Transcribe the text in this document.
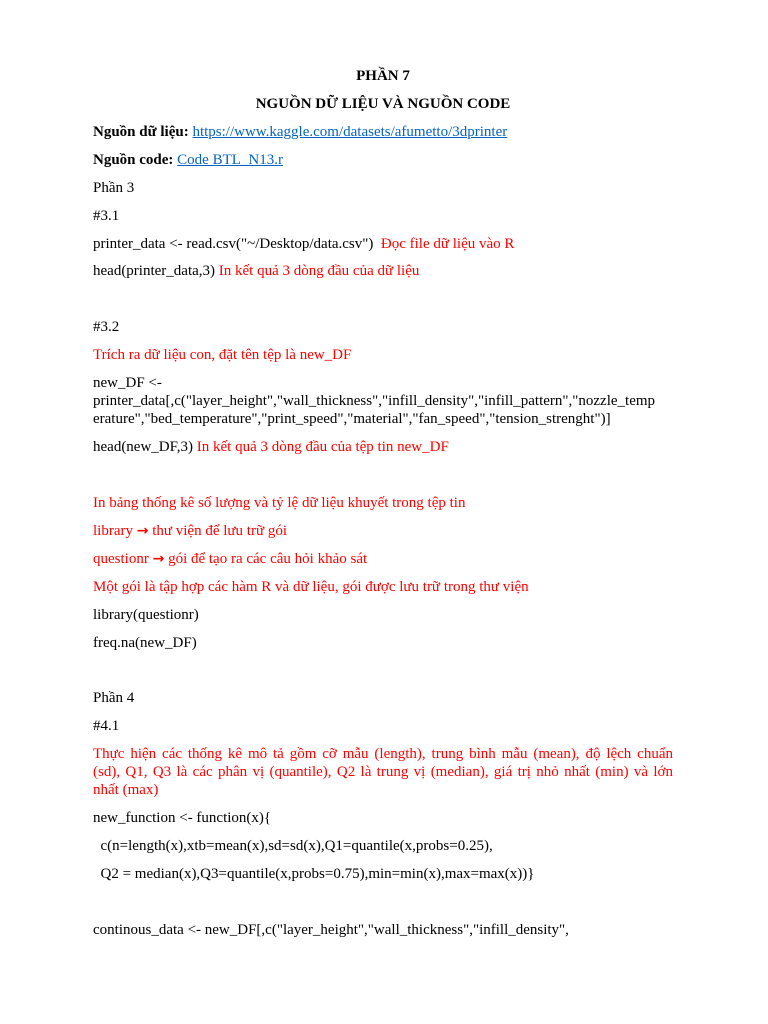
PHẦN 7

NGUỒN DỮ LIỆU VÀ NGUỒN CODE

Nguồn dữ liệu: https://www.kaggle.com/datasets/afumetto/3dprinter

Nguồn code: Code BTL_N13.r

Phần 3

#3.1

printer_data <- read.csv("~/Desktop/data.csv") Đọc file dữ liệu vào R

head(printer_data,3) In kết quả 3 dòng đầu của dữ liệu

#3.2

Trích ra dữ liệu con, đặt tên tệp là new_DF

new_DF <-
printer_data[,c("layer_height","wall_thickness","infill_density","infill_pattern","nozzle_temp
erature","bed_temperature","print_speed","material","fan_speed","tension_strenght")]

head(new_DF,3) In kết quả 3 dòng đầu của tệp tin new_DF

In bảng thống kê số lượng và tỷ lệ dữ liệu khuyết trong tệp tin

library → thư viện để lưu trữ gói

questionr → gói để tạo ra các câu hỏi khảo sát

Một gói là tập hợp các hàm R và dữ liệu, gói được lưu trữ trong thư viện

library(questionr)

freq.na(new_DF)

Phần 4

#4.1

Thực hiện các thống kê mô tả gồm cỡ mẫu (length), trung bình mẫu (mean), độ lệch chuẩn
(sd), Q1, Q3 là các phân vị (quantile), Q2 là trung vị (median), giá trị nhỏ nhất (min) và lớn
nhất (max)

new_function <- function(x){

c(n=length(x),xtb=mean(x),sd=sd(x),Q1=quantile(x,probs=0.25),

Q2 = median(x),Q3=quantile(x,probs=0.75),min=min(x),max=max(x))}

continous_data <- new_DF[,c("layer_height","wall_thickness","infill_density",
